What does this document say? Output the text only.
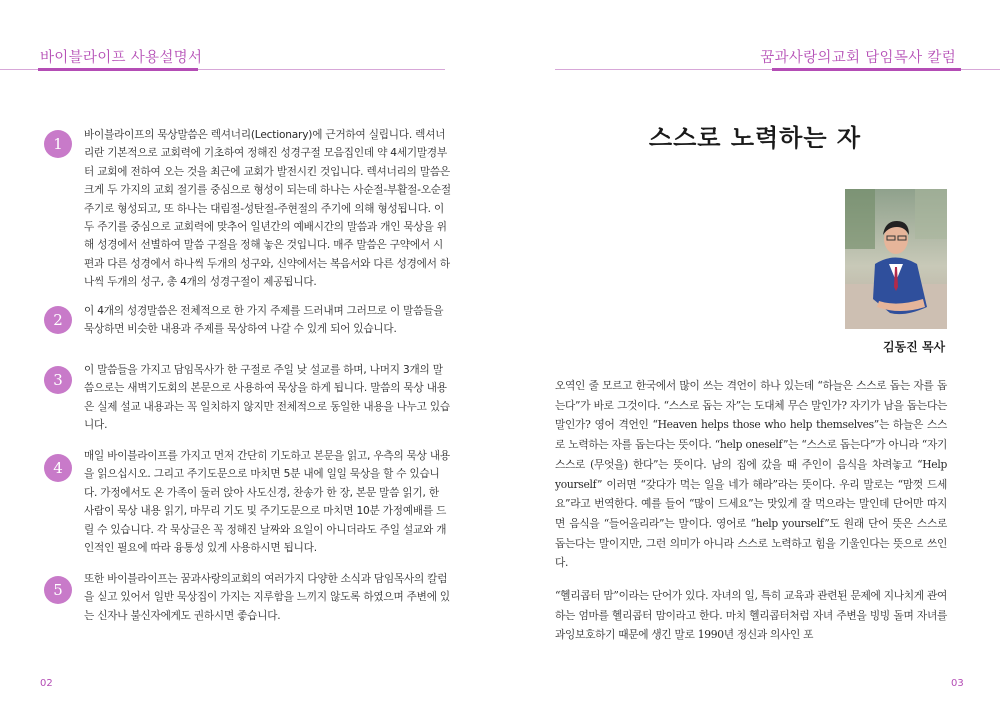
바이블라이프 사용설명서	꿈과사랑의교회 담임목사 칼럼
1	바이블라이프의 묵상말씀은 렉셔너리(Lectionary)에 근거하여 실립니다. 렉셔너리란 기본적으로 교회력에 기초하여 정해진 성경구절 모음집인데 약 4세기말경부터 교회에 전하여 오는 것을 최근에 교회가 발전시킨 것입니다. 렉셔너리의 말씀은 크게 두 가지의 교회 절기를 중심으로 형성이 되는데 하나는 사순절-부활절-오순절 주기로 형성되고, 또 하나는 대림절-성탄절-주현절의 주기에 의해 형성됩니다. 이 두 주기를 중심으로 교회력에 맞추어 일년간의 예배시간의 말씀과 개인 묵상을 위해 성경에서 선별하여 말씀 구절을 정해 놓은 것입니다. 매주 말씀은 구약에서 시편과 다른 성경에서 하나씩 두개의 성구와, 신약에서는 복음서와 다른 성경에서 하나씩 두개의 성구, 총 4개의 성경구절이 제공됩니다.
2	이 4개의 성경말씀은 전체적으로 한 가지 주제를 드러내며 그러므로 이 말씀들을 묵상하면 비슷한 내용과 주제를 묵상하여 나갈 수 있게 되어 있습니다.
3
이 말씀들을 가지고 담임목사가 한 구절로 주일 낮 설교를 하며, 나머지 3개의 말씀으로는 새벽기도회의 본문으로 사용하여 묵상을 하게 됩니다. 말씀의 묵상 내용은 실제 설교 내용과는 꼭 일치하지 않지만 전체적으로 동일한 내용을 나누고 있습니다.
4
매일 바이블라이프를 가지고 먼저 간단히 기도하고 본문을 읽고, 우측의 묵상 내용을 읽으십시오. 그리고 주기도문으로 마치면 5분 내에 일일 묵상을 할 수 있습니다. 가정에서도 온 가족이 둘러 앉아 사도신경, 찬송가 한 장, 본문 말씀 읽기, 한 사람이 묵상 내용 읽기, 마무리 기도 및 주기도문으로 마치면 10분 가정예배를 드릴 수 있습니다. 각 묵상글은 꼭 정해진 날짜와 요일이 아니더라도 주일 설교와 개인적인 필요에 따라 융통성 있게 사용하시면 됩니다.
5
또한 바이블라이프는 꿈과사랑의교회의 여러가지 다양한 소식과 담임목사의 칼럼을 싣고 있어서 일반 묵상집이 가지는 지루함을 느끼지 않도록 하였으며 주변에 있는 신자나 불신자에게도 권하시면 좋습니다.
스스로 노력하는 자
김동진 목사
오역인 줄 모르고 한국에서 많이 쓰는 격언이 하나 있는데 “하늘은 스스로 돕는 자를 돕는다”가 바로 그것이다. “스스로 돕는 자”는 도대체 무슨 말인가? 자기가 남을 돕는다는 말인가? 영어 격언인 “Heaven helps those who help themselves”는 하늘은 스스로 노력하는 자를 돕는다는 뜻이다. “help oneself”는 “스스로 돕는다”가 아니라 “자기 스스로 (무엇을) 한다”는 뜻이다. 남의 집에 갔을 때 주인이 음식을 차려놓고 “Help yourself” 이러면 “갖다가 먹는 일을 네가 해라”라는 뜻이다. 우리 말로는 “맘껏 드세요”라고 번역한다. 예를 들어 “많이 드세요”는 맛있게 잘 먹으라는 말인데 단어만 따지면 음식을 “들어올리라”는 말이다. 영어로 “help yourself”도 원래 단어 뜻은 스스로 돕는다는 말이지만, 그런 의미가 아니라 스스로 노력하고 힘을 기울인다는 뜻으로 쓰인다.
“헬리콥터 맘”이라는 단어가 있다. 자녀의 일, 특히 교육과 관련된 문제에 지나치게 관여하는 엄마를 헬리콥터 맘이라고 한다. 마치 헬리콥터처럼 자녀 주변을 빙빙 돌며 자녀를 과잉보호하기 때문에 생긴 말로 1990년 정신과 의사인 포
02	03
